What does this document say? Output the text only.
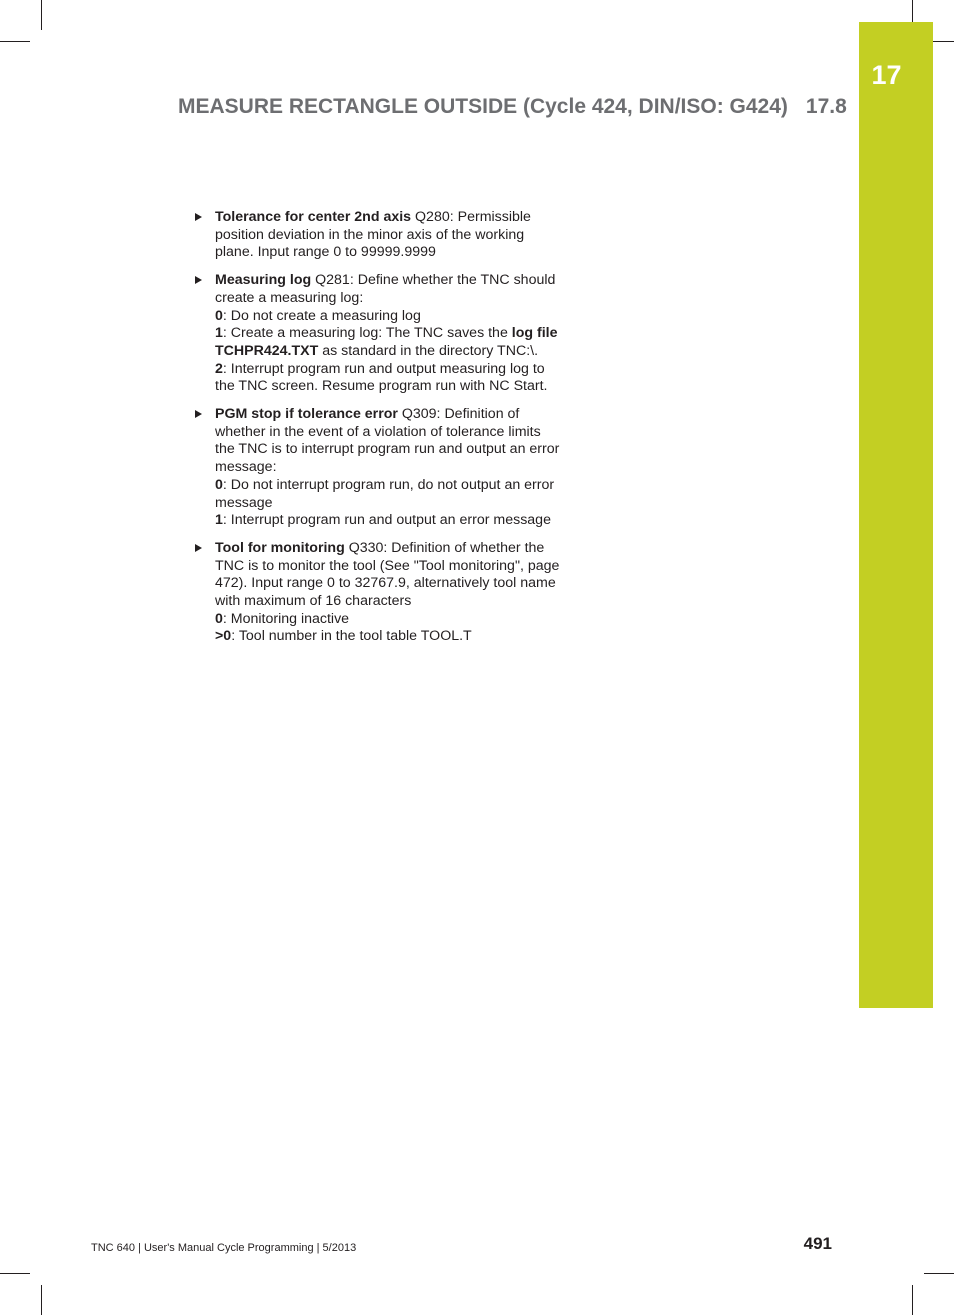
17
MEASURE RECTANGLE OUTSIDE (Cycle 424, DIN/ISO: G424) 17.8
Tolerance for center 2nd axis Q280: Permissible position deviation in the minor axis of the working plane. Input range 0 to 99999.9999
Measuring log Q281: Define whether the TNC should create a measuring log:
0: Do not create a measuring log
1: Create a measuring log: The TNC saves the log file TCHPR424.TXT as standard in the directory TNC:\.
2: Interrupt program run and output measuring log to the TNC screen. Resume program run with NC Start.
PGM stop if tolerance error Q309: Definition of whether in the event of a violation of tolerance limits the TNC is to interrupt program run and output an error message:
0: Do not interrupt program run, do not output an error message
1: Interrupt program run and output an error message
Tool for monitoring Q330: Definition of whether the TNC is to monitor the tool (See "Tool monitoring", page 472). Input range 0 to 32767.9, alternatively tool name with maximum of 16 characters
0: Monitoring inactive
>0: Tool number in the tool table TOOL.T
TNC 640 | User's Manual Cycle Programming | 5/2013	491
